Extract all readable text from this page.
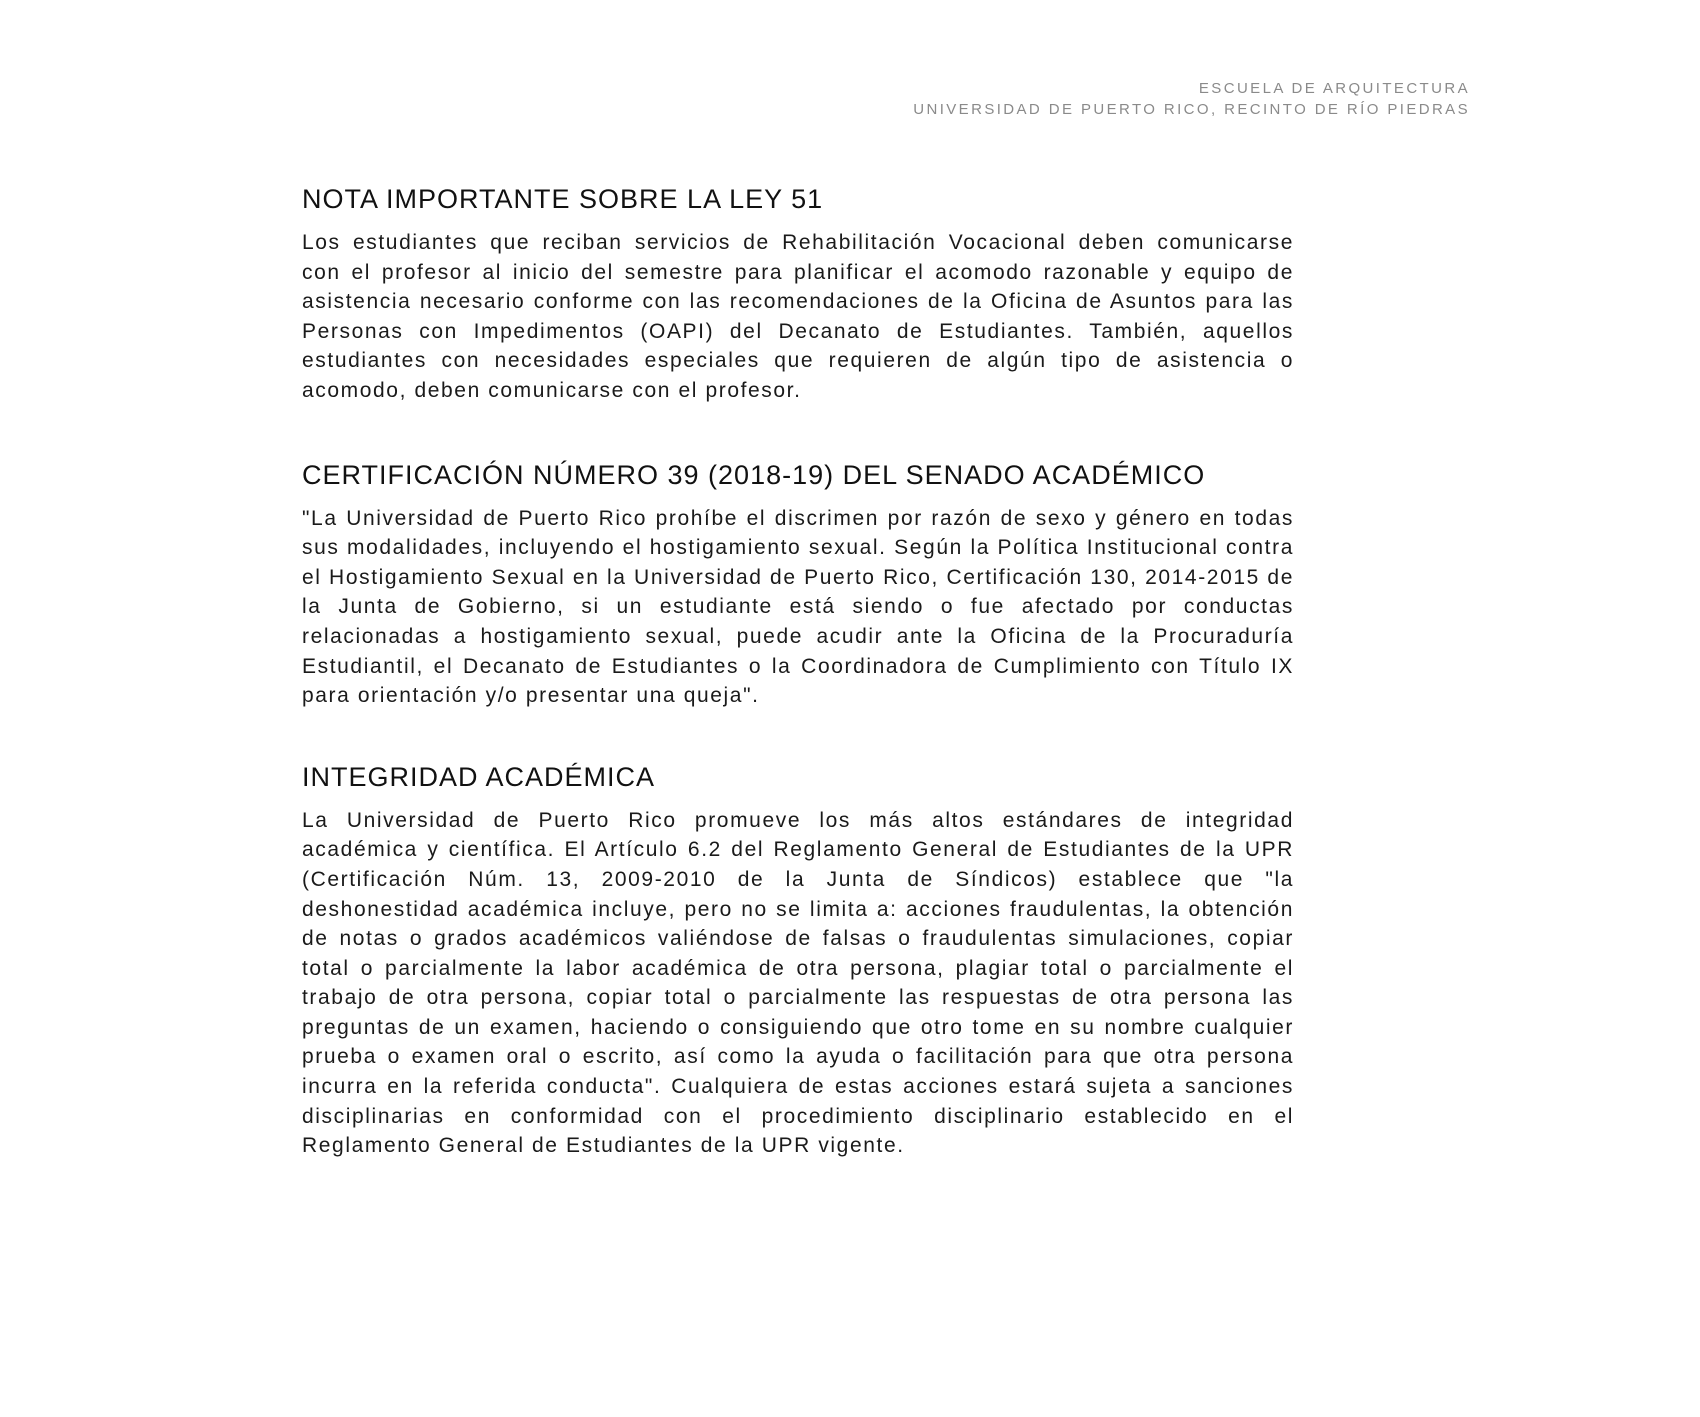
ESCUELA DE ARQUITECTURA
UNIVERSIDAD DE PUERTO RICO, RECINTO DE RÍO PIEDRAS
NOTA IMPORTANTE SOBRE LA LEY 51

Los estudiantes que reciban servicios de Rehabilitación Vocacional deben comunicarse con el profesor al inicio del semestre para planificar el acomodo razonable y equipo de asistencia necesario conforme con las recomendaciones de la Oficina de Asuntos para las Personas con Impedimentos (OAPI) del Decanato de Estudiantes. También, aquellos estudiantes con necesidades especiales que requieren de algún tipo de asistencia o acomodo, deben comunicarse con el profesor.

CERTIFICACIÓN NÚMERO 39 (2018-19) DEL SENADO ACADÉMICO

"La Universidad de Puerto Rico prohíbe el discrimen por razón de sexo y género en todas sus modalidades, incluyendo el hostigamiento sexual. Según la Política Institucional contra el Hostigamiento Sexual en la Universidad de Puerto Rico, Certificación 130, 2014-2015 de la Junta de Gobierno, si un estudiante está siendo o fue afectado por conductas relacionadas a hostigamiento sexual, puede acudir ante la Oficina de la Procuraduría Estudiantil, el Decanato de Estudiantes o la Coordinadora de Cumplimiento con Título IX para orientación y/o presentar una queja".

INTEGRIDAD ACADÉMICA

La Universidad de Puerto Rico promueve los más altos estándares de integridad académica y científica. El Artículo 6.2 del Reglamento General de Estudiantes de la UPR (Certificación Núm. 13, 2009-2010 de la Junta de Síndicos) establece que "la deshonestidad académica incluye, pero no se limita a: acciones fraudulentas, la obtención de notas o grados académicos valiéndose de falsas o fraudulentas simulaciones, copiar total o parcialmente la labor académica de otra persona, plagiar total o parcialmente el trabajo de otra persona, copiar total o parcialmente las respuestas de otra persona las preguntas de un examen, haciendo o consiguiendo que otro tome en su nombre cualquier prueba o examen oral o escrito, así como la ayuda o facilitación para que otra persona incurra en la referida conducta". Cualquiera de estas acciones estará sujeta a sanciones disciplinarias en conformidad con el procedimiento disciplinario establecido en el Reglamento General de Estudiantes de la UPR vigente.
